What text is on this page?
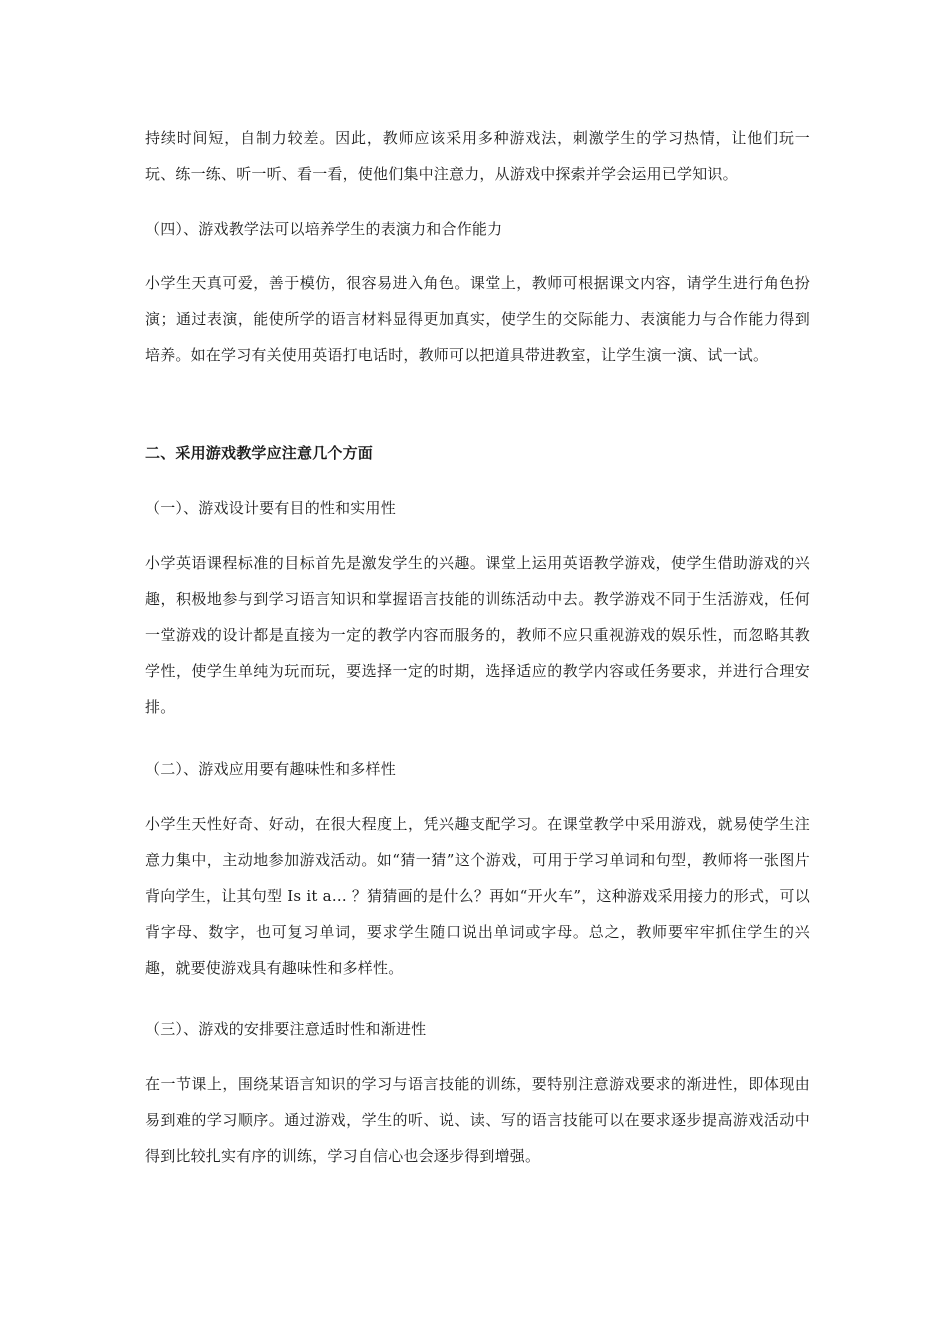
持续时间短，自制力较差。因此，教师应该采用多种游戏法，刺激学生的学习热情，让他们玩一玩、练一练、听一听、看一看，使他们集中注意力，从游戏中探索并学会运用已学知识。

（四）、游戏教学法可以培养学生的表演力和合作能力

小学生天真可爱，善于模仿，很容易进入角色。课堂上，教师可根据课文内容，请学生进行角色扮演；通过表演，能使所学的语言材料显得更加真实，使学生的交际能力、表演能力与合作能力得到培养。如在学习有关使用英语打电话时，教师可以把道具带进教室，让学生演一演、试一试。

二、采用游戏教学应注意几个方面

（一）、游戏设计要有目的性和实用性

小学英语课程标准的目标首先是激发学生的兴趣。课堂上运用英语教学游戏，使学生借助游戏的兴趣，积极地参与到学习语言知识和掌握语言技能的训练活动中去。教学游戏不同于生活游戏，任何一堂游戏的设计都是直接为一定的教学内容而服务的，教师不应只重视游戏的娱乐性，而忽略其教学性，使学生单纯为玩而玩，要选择一定的时期，选择适应的教学内容或任务要求，并进行合理安排。

（二）、游戏应用要有趣味性和多样性

小学生天性好奇、好动，在很大程度上，凭兴趣支配学习。在课堂教学中采用游戏，就易使学生注意力集中，主动地参加游戏活动。如“猜一猜”这个游戏，可用于学习单词和句型，教师将一张图片背向学生，让其句型 Is it a… ？猜猜画的是什么？再如“开火车”，这种游戏采用接力的形式，可以背字母、数字，也可复习单词，要求学生随口说出单词或字母。总之，教师要牢牢抓住学生的兴趣，就要使游戏具有趣味性和多样性。

（三）、游戏的安排要注意适时性和渐进性

在一节课上，围绕某语言知识的学习与语言技能的训练，要特别注意游戏要求的渐进性，即体现由易到难的学习顺序。通过游戏，学生的听、说、读、写的语言技能可以在要求逐步提高游戏活动中得到比较扎实有序的训练，学习自信心也会逐步得到增强。
